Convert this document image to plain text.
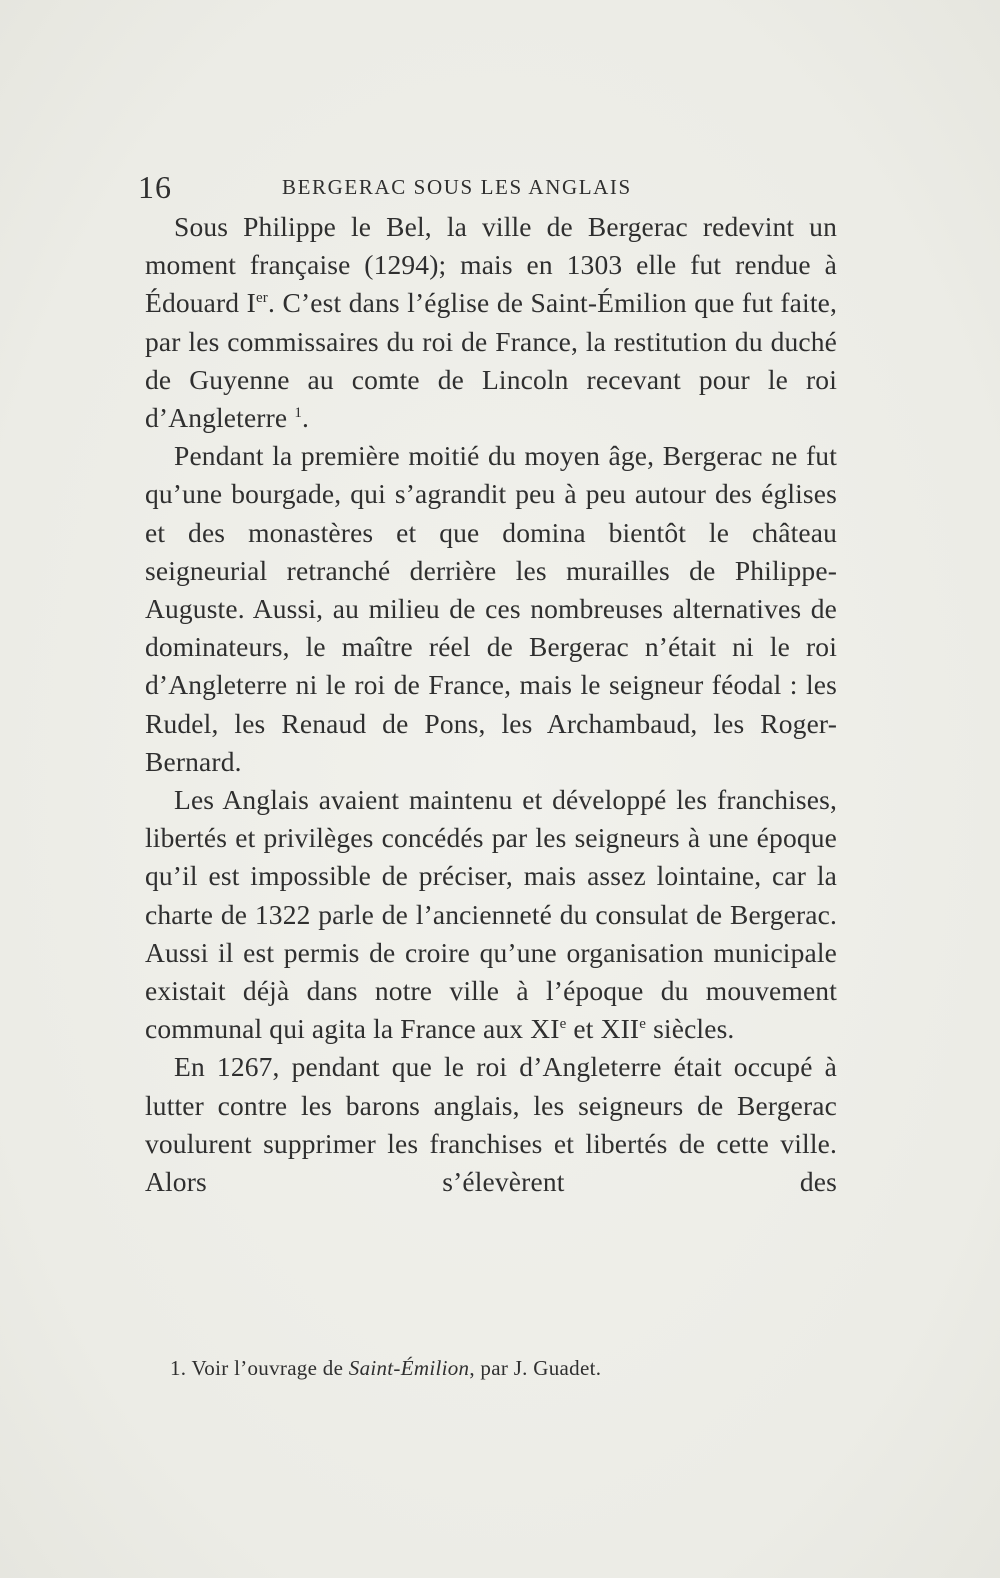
16	BERGERAC SOUS LES ANGLAIS

Sous Philippe le Bel, la ville de Bergerac redevint un moment française (1294); mais en 1303 elle fut rendue à Édouard Ier. C’est dans l’église de Saint-Émilion que fut faite, par les commissaires du roi de France, la restitution du duché de Guyenne au comte de Lincoln recevant pour le roi d’Angleterre $^1$.

Pendant la première moitié du moyen âge, Bergerac ne fut qu’une bourgade, qui s’agrandit peu à peu autour des églises et des monastères et que domina bientôt le château seigneurial retranché derrière les murailles de Philippe-Auguste. Aussi, au milieu de ces nombreuses alternatives de dominateurs, le maître réel de Bergerac n’était ni le roi d’Angleterre ni le roi de France, mais le seigneur féodal : les Rudel, les Renaud de Pons, les Archambaud, les Roger-Bernard.

Les Anglais avaient maintenu et développé les franchises, libertés et privilèges concédés par les seigneurs à une époque qu’il est impossible de préciser, mais assez lointaine, car la charte de 1322 parle de l’ancienneté du consulat de Bergerac. Aussi il est permis de croire qu’une organisation municipale existait déjà dans notre ville à l’époque du mouvement communal qui agita la France aux XIe et XIIe siècles.

En 1267, pendant que le roi d’Angleterre était occupé à lutter contre les barons anglais, les seigneurs de Bergerac voulurent supprimer les franchises et libertés de cette ville. Alors s’élevèrent des

1. Voir l’ouvrage de Saint-Émilion, par J. Guadet.
